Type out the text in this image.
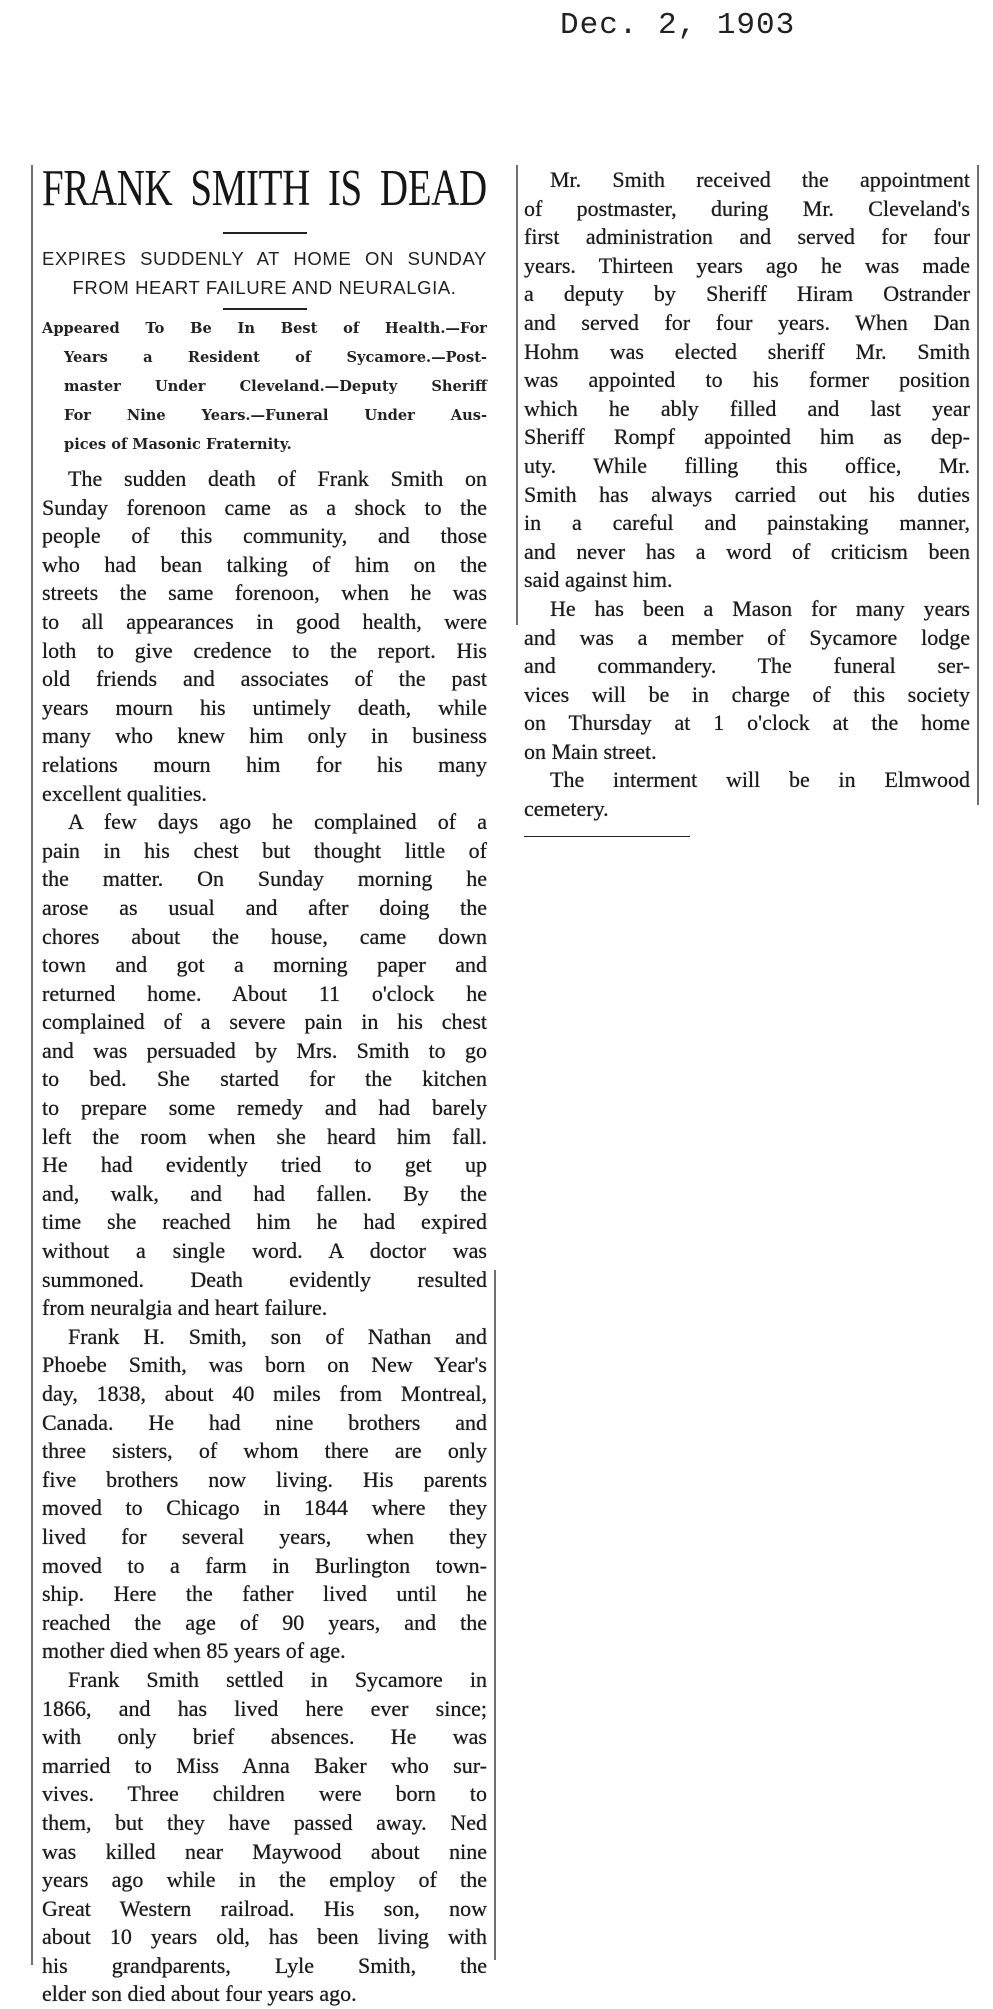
Dec. 2, 1903
FRANK SMITH IS DEAD
EXPIRES SUDDENLY AT HOME ON SUNDAY
FROM HEART FAILURE AND NEURALGIA.
Appeared To Be In Best of Health.—For
Years a Resident of Sycamore.—Post-
master Under Cleveland.—Deputy Sheriff
For Nine Years.—Funeral Under Aus-
pices of Masonic Fraternity.
The sudden death of Frank Smith on
Sunday forenoon came as a shock to the
people of this community, and those
who had bean talking of him on the
streets the same forenoon, when he was
to all appearances in good health, were
loth to give credence to the report. His
old friends and associates of the past
years mourn his untimely death, while
many who knew him only in business
relations mourn him for his many
excellent qualities.
A few days ago he complained of a
pain in his chest but thought little of
the matter. On Sunday morning he
arose as usual and after doing the
chores about the house, came down
town and got a morning paper and
returned home. About 11 o'clock he
complained of a severe pain in his chest
and was persuaded by Mrs. Smith to go
to bed. She started for the kitchen
to prepare some remedy and had barely
left the room when she heard him fall.
He had evidently tried to get up
and, walk, and had fallen. By the
time she reached him he had expired
without a single word. A doctor was
summoned. Death evidently resulted
from neuralgia and heart failure.
Frank H. Smith, son of Nathan and
Phoebe Smith, was born on New Year's
day, 1838, about 40 miles from Montreal,
Canada. He had nine brothers and
three sisters, of whom there are only
five brothers now living. His parents
moved to Chicago in 1844 where they
lived for several years, when they
moved to a farm in Burlington town-
ship. Here the father lived until he
reached the age of 90 years, and the
mother died when 85 years of age.
Frank Smith settled in Sycamore in
1866, and has lived here ever since;
with only brief absences. He was
married to Miss Anna Baker who sur-
vives. Three children were born to
them, but they have passed away. Ned
was killed near Maywood about nine
years ago while in the employ of the
Great Western railroad. His son, now
about 10 years old, has been living with
his grandparents, Lyle Smith, the
elder son died about four years ago.
Mr. Smith received the appointment
of postmaster, during Mr. Cleveland's
first administration and served for four
years. Thirteen years ago he was made
a deputy by Sheriff Hiram Ostrander
and served for four years. When Dan
Hohm was elected sheriff Mr. Smith
was appointed to his former position
which he ably filled and last year
Sheriff Rompf appointed him as dep-
uty. While filling this office, Mr.
Smith has always carried out his duties
in a careful and painstaking manner,
and never has a word of criticism been
said against him.
He has been a Mason for many years
and was a member of Sycamore lodge
and commandery. The funeral ser-
vices will be in charge of this society
on Thursday at 1 o'clock at the home
on Main street.
The interment will be in Elmwood
cemetery.
